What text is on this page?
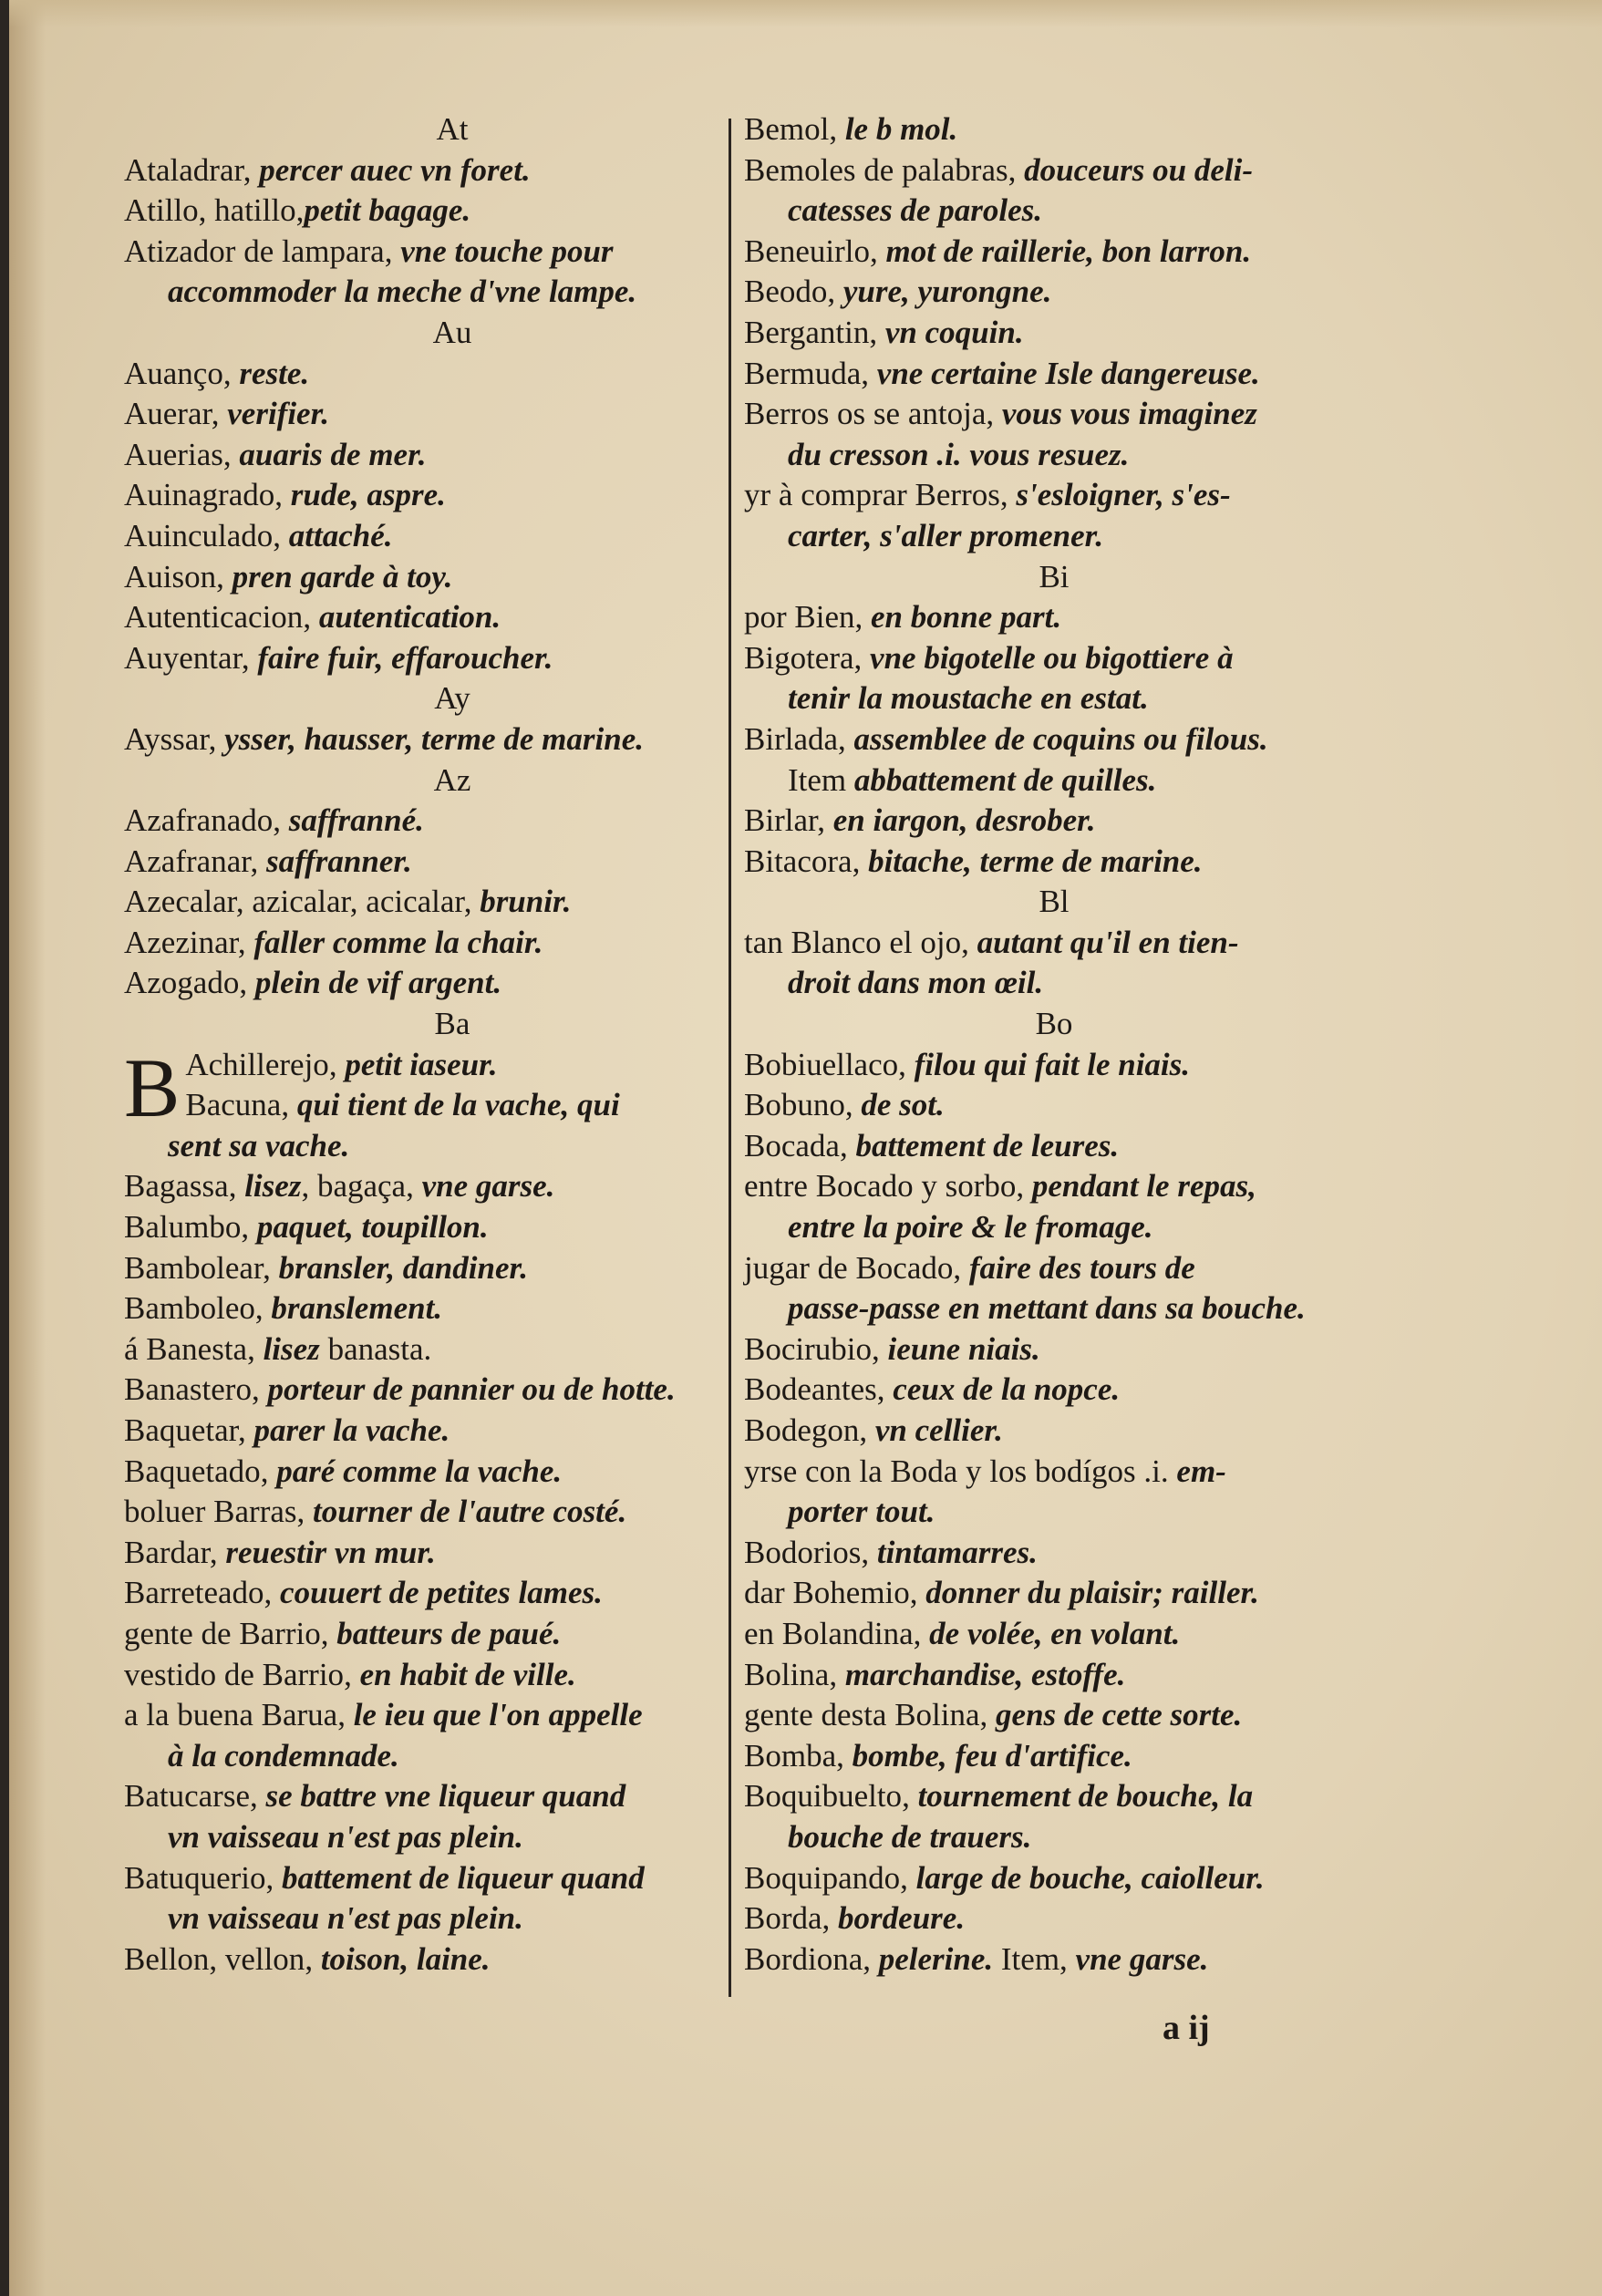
At
Ataladrar, percer auec vn foret.
Atillo, hatillo,petit bagage.
Atizador de lampara, vne touche pour
accommoder la meche d'vne lampe.
Au
Auanço, reste.
Auerar, verifier.
Auerias, auaris de mer.
Auinagrado, rude, aspre.
Auinculado, attaché.
Auison, pren garde à toy.
Autenticacion, autentication.
Auyentar, faire fuir, effaroucher.
Ay
Ayssar, ysser, hausser, terme de marine.
Az
Azafranado, saffranné.
Azafranar, saffranner.
Azecalar, azicalar, acicalar, brunir.
Azezinar, faller comme la chair.
Azogado, plein de vif argent.
Ba
B Achillerejo, petit iaseur.
Bacuna, qui tient de la vache, qui
sent sa vache.
Bagassa, lisez, bagaça, vne garse.
Balumbo, paquet, toupillon.
Bambolear, bransler, dandiner.
Bamboleo, branslement.
á Banesta, lisez banasta.
Banastero, porteur de pannier ou de hotte.
Baquetar, parer la vache.
Baquetado, paré comme la vache.
boluer Barras, tourner de l'autre costé.
Bardar, reuestir vn mur.
Barreteado, couuert de petites lames.
gente de Barrio, batteurs de paué.
vestido de Barrio, en habit de ville.
a la buena Barua, le ieu que l'on appelle
à la condemnade.
Batucarse, se battre vne liqueur quand
vn vaisseau n'est pas plein.
Batuquerio, battement de liqueur quand
vn vaisseau n'est pas plein.
Bellon, vellon, toison, laine.
Bemol, le b mol.
Bemoles de palabras, douceurs ou deli-
catesses de paroles.
Beneuirlo, mot de raillerie, bon larron.
Beodo, yure, yurongne.
Bergantin, vn coquin.
Bermuda, vne certaine Isle dangereuse.
Berros os se antoja, vous vous imaginez
du cresson .i. vous resuez.
yr à comprar Berros, s'esloigner, s'es-
carter, s'aller promener.
Bi
por Bien, en bonne part.
Bigotera, vne bigotelle ou bigottiere à
tenir la moustache en estat.
Birlada, assemblee de coquins ou filous.
Item abbattement de quilles.
Birlar, en iargon, desrober.
Bitacora, bitache, terme de marine.
Bl
tan Blanco el ojo, autant qu'il en tien-
droit dans mon œil.
Bo
Bobiuellaco, filou qui fait le niais.
Bobuno, de sot.
Bocada, battement de leures.
entre Bocado y sorbo, pendant le repas,
entre la poire & le fromage.
jugar de Bocado, faire des tours de
passe-passe en mettant dans sa bouche.
Bocirubio, ieune niais.
Bodeantes, ceux de la nopce.
Bodegon, vn cellier.
yrse con la Boda y los bodígos .i. em-
porter tout.
Bodorios, tintamarres.
dar Bohemio, donner du plaisir; railler.
en Bolandina, de volée, en volant.
Bolina, marchandise, estoffe.
gente desta Bolina, gens de cette sorte.
Bomba, bombe, feu d'artifice.
Boquibuelto, tournement de bouche, la
bouche de trauers.
Boquipando, large de bouche, caiolleur.
Borda, bordeure.
Bordiona, pelerine. Item, vne garse.
a ij
